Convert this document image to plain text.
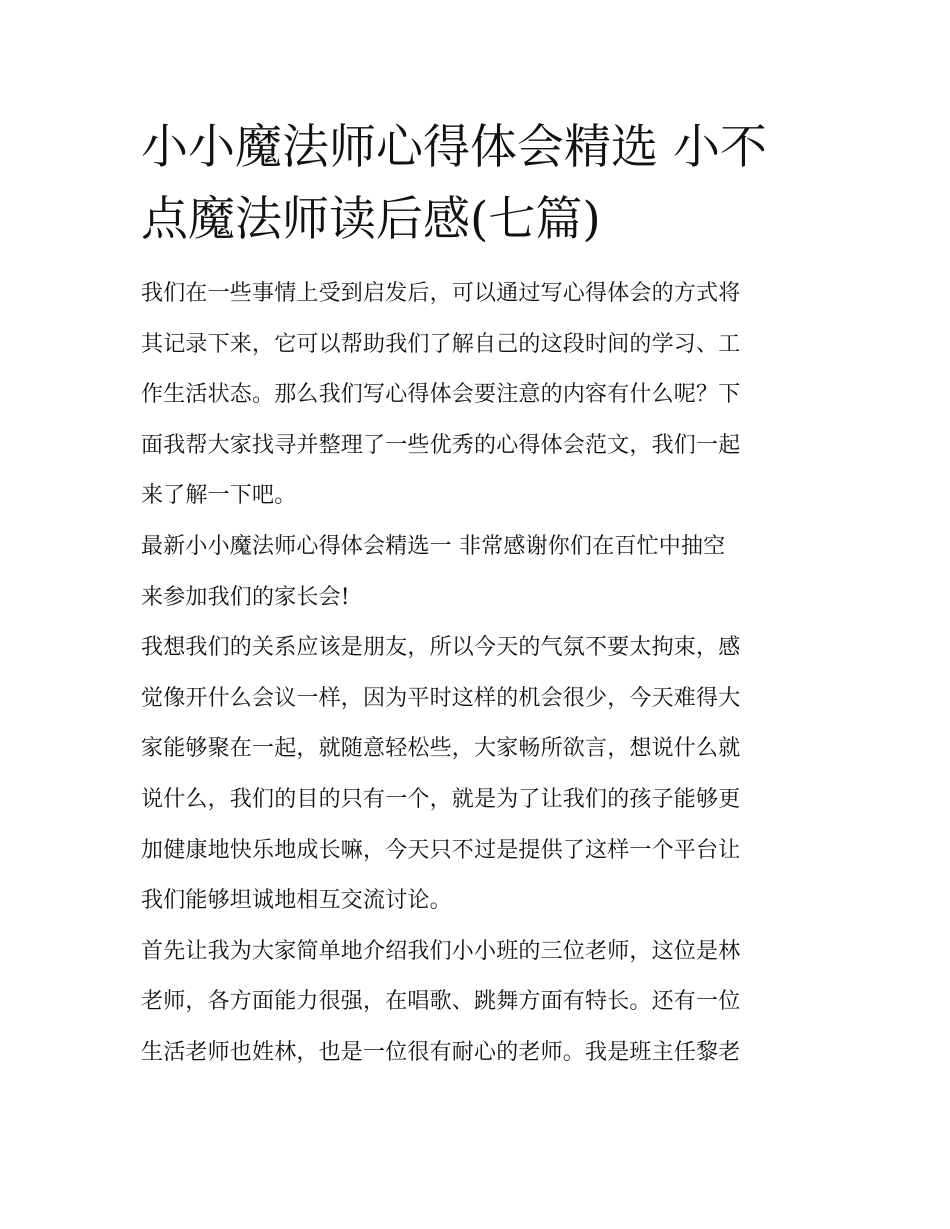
小小魔法师心得体会精选 小不
点魔法师读后感(七篇)
我们在一些事情上受到启发后，可以通过写心得体会的方式将
其记录下来，它可以帮助我们了解自己的这段时间的学习、工
作生活状态。那么我们写心得体会要注意的内容有什么呢？下
面我帮大家找寻并整理了一些优秀的心得体会范文，我们一起
来了解一下吧。
最新小小魔法师心得体会精选一 非常感谢你们在百忙中抽空
来参加我们的家长会!
我想我们的关系应该是朋友，所以今天的气氛不要太拘束，感
觉像开什么会议一样，因为平时这样的机会很少，今天难得大
家能够聚在一起，就随意轻松些，大家畅所欲言，想说什么就
说什么，我们的目的只有一个，就是为了让我们的孩子能够更
加健康地快乐地成长嘛，今天只不过是提供了这样一个平台让
我们能够坦诚地相互交流讨论。
首先让我为大家简单地介绍我们小小班的三位老师，这位是林
老师，各方面能力很强，在唱歌、跳舞方面有特长。还有一位
生活老师也姓林，也是一位很有耐心的老师。我是班主任黎老
